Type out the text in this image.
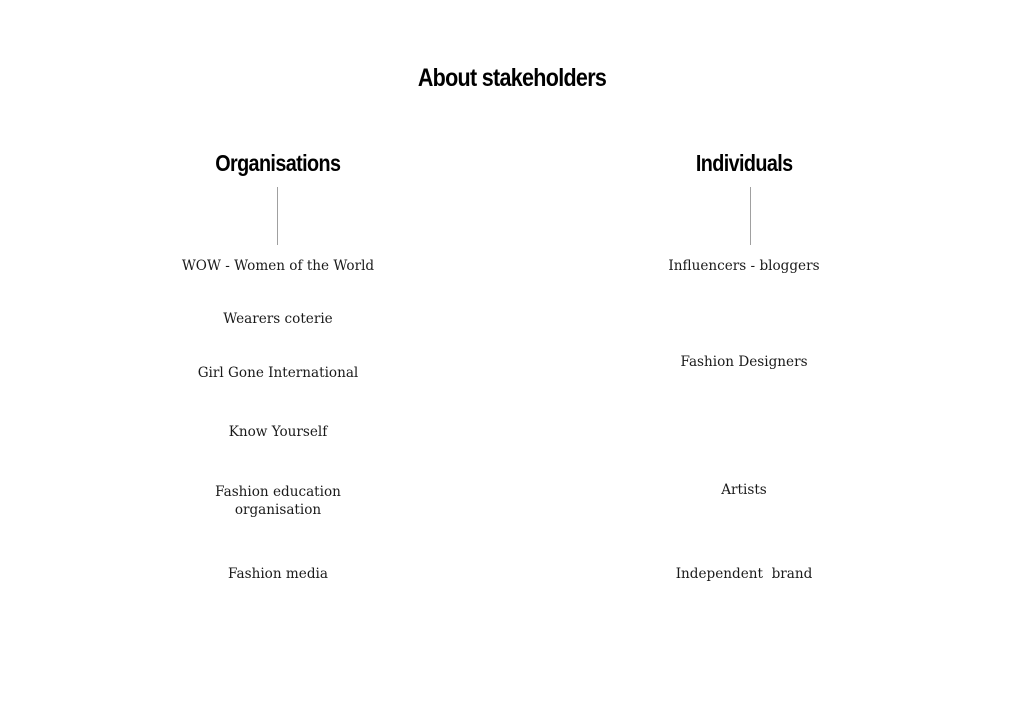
About stakeholders
Organisations
WOW - Women of the World
Wearers coterie
Girl Gone International
Know Yourself
Fashion education organisation
Fashion media
Individuals
Influencers - bloggers
Fashion Designers
Artists
Independent  brand
